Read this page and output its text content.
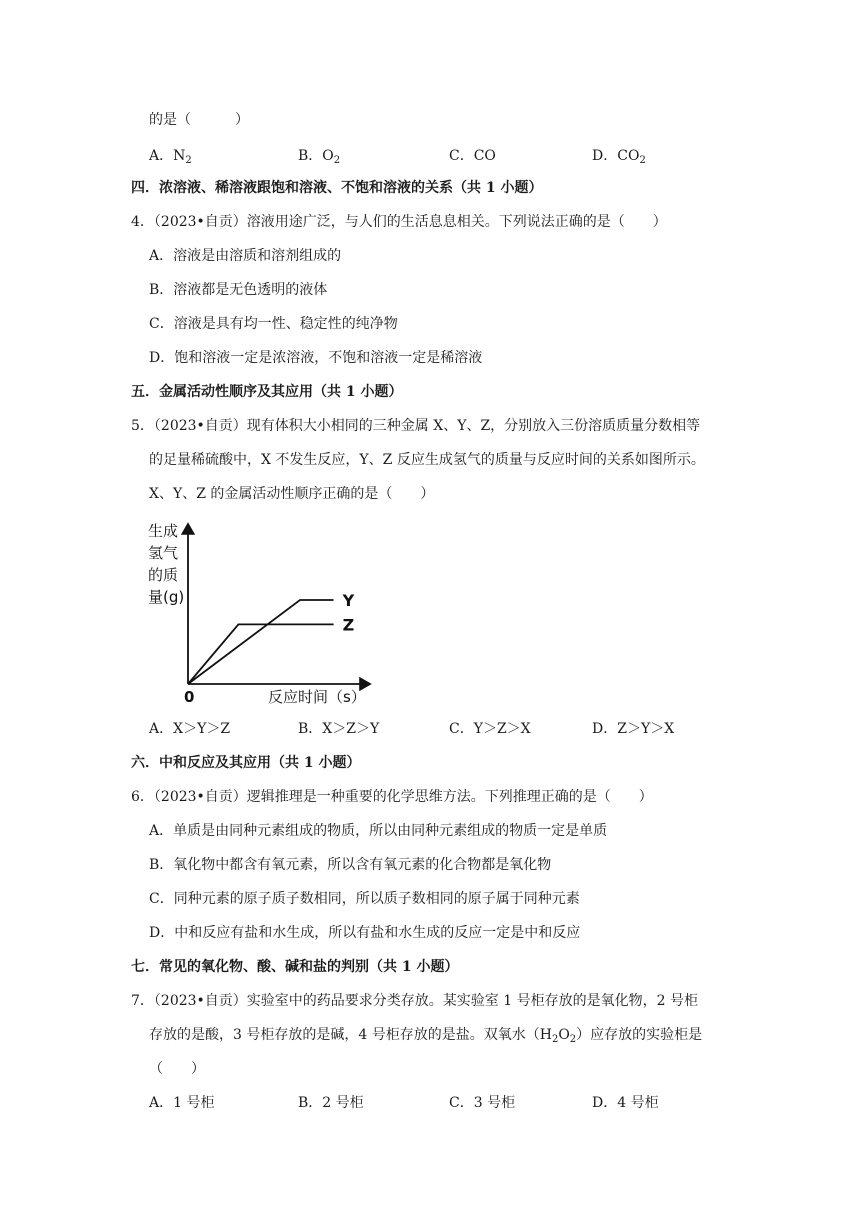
的是（	）
A．$N_2$	B．$O_2$	C．CO	D．$CO_2$
四．浓溶液、稀溶液跟饱和溶液、不饱和溶液的关系（共 1 小题）
4．（2023•自贡）溶液用途广泛，与人们的生活息息相关。下列说法正确的是（　　）
A．溶液是由溶质和溶剂组成的
B．溶液都是无色透明的液体
C．溶液是具有均一性、稳定性的纯净物
D．饱和溶液一定是浓溶液，不饱和溶液一定是稀溶液
五．金属活动性顺序及其应用（共 1 小题）
5．（2023•自贡）现有体积大小相同的三种金属 X、Y、Z，分别放入三份溶质质量分数相等
的足量稀硫酸中，X 不发生反应，Y、Z 反应生成氢气的质量与反应时间的关系如图所示。
X、Y、Z 的金属活动性顺序正确的是（　　）
生成
氢气
的质
量(g)
0	反应时间（s）
Y
Z
A．X＞Y＞Z	B．X＞Z＞Y	C．Y＞Z＞X	D．Z＞Y＞X
六．中和反应及其应用（共 1 小题）
6．（2023•自贡）逻辑推理是一种重要的化学思维方法。下列推理正确的是（　　）
A．单质是由同种元素组成的物质，所以由同种元素组成的物质一定是单质
B．氧化物中都含有氧元素，所以含有氧元素的化合物都是氧化物
C．同种元素的原子质子数相同，所以质子数相同的原子属于同种元素
D．中和反应有盐和水生成，所以有盐和水生成的反应一定是中和反应
七．常见的氧化物、酸、碱和盐的判别（共 1 小题）
7．（2023•自贡）实验室中的药品要求分类存放。某实验室 1 号柜存放的是氧化物，2 号柜
存放的是酸，3 号柜存放的是碱，4 号柜存放的是盐。双氧水$(H_2O_2)$应存放的实验柜是
（　　）
A．1 号柜	B．2 号柜	C．3 号柜	D．4 号柜
